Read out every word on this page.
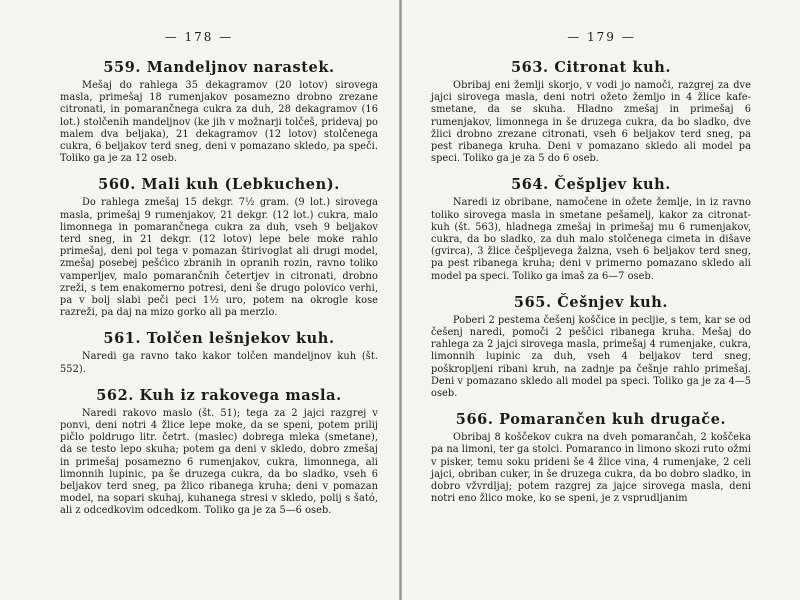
— 178 —
559. Mandeljnov narastek.

Mešaj do rahlega 35 dekagramov (20 lotov) sirovega masla, primešaj 18 rumenjakov posamezno drobno zrezane citronati, in pomarančnega cukra za duh, 28 dekagramov (16 lot.) stolčenih mandeljnov (ke jih v možnarji tolčeš, pridevaj po malem dva beljaka), 21 dekagramov (12 lotov) stolčenega cukra, 6 beljakov terd sneg, deni v pomazano skledo, pa speči. Toliko ga je za 12 oseb.

560. Mali kuh (Lebkuchen).

Do rahlega zmešaj 15 dekgr. 7½ gram. (9 lot.) sirovega masla, primešaj 9 rumenjakov, 21 dekgr. (12 lot.) cukra, malo limonnega in pomarančnega cukra za duh, vseh 9 beljakov terd sneg, in 21 dekgr. (12 lotov) lepe bele moke rahlo primešaj, deni pol tega v pomazan štirivoglat ali drugi model, zmešaj posebej pešćico zbranih in opranih rozin, ravno toliko vamperljev, malo pomarančnih četertjev in citronati, drobno zreži, s tem enakomerno potresi, deni še drugo polovico verhi, pa v bolj slabi peči peci 1½ uro, potem na okrogle kose razreži, pa daj na mizo gorko ali pa merzlo.

561. Tolčen lešnjekov kuh.

Naredi ga ravno tako kakor tolčen mandeljnov kuh (št. 552).

562. Kuh iz rakovega masla.

Naredi rakovo maslo (št. 51); tega za 2 jajci razgrej v ponvi, deni notri 4 žlice lepe moke, da se speni, potem prilij pičlo poldrugo litr. četrt. (maslec) dobrega mleka (smetane), da se testo lepo skuha; potem ga deni v skledo, dobro zmešaj in primešaj posamezno 6 rumenjakov, cukra, limonnega, ali limonnih lupinic, pa še druzega cukra, da bo sladko, vseh 6 beljakov terd sneg, pa žlico ribanega kruha; deni v pomazan model, na sopari skuhaj, kuhanega stresi v skledo, polij s šató, ali z odcedkovim odcedkom. Toliko ga je za 5—6 oseb.

— 179 —
563. Citronat kuh.

Obribaj eni žemlji skorjo, v vodi jo namoči, razgrej za dve jajci sirovega masla, deni notri ožeto žemljo in 4 žlice kafe-smetane, da se skuha. Hladno zmešaj in primešaj 6 rumenjakov, limonnega in še druzega cukra, da bo sladko, dve žlici drobno zrezane citronati, vseh 6 beljakov terd sneg, pa pest ribanega kruha. Deni v pomazano skledo ali model pa speci. Toliko ga je za 5 do 6 oseb.

564. Češpljev kuh.

Naredi iz obribane, namočene in ožete žemlje, in iz ravno toliko sirovega masla in smetane pešamelj, kakor za citronat-kuh (št. 563), hladnega zmešaj in primešaj mu 6 rumenjakov, cukra, da bo sladko, za duh malo stolčenega cimeta in dišave (gvirca), 3 žlice češpljevega žalzna, vseh 6 beljakov terd sneg, pa pest ribanega kruha; deni v primerno pomazano skledo ali model pa speci. Toliko ga imaš za 6—7 oseb.

565. Češnjev kuh.

Poberi 2 pestema češenj koščice in pecljie, s tem, kar se od češenj naredi, pomoči 2 peščici ribanega kruha. Mešaj do rahlega za 2 jajci sirovega masla, primešaj 4 rumenjake, cukra, limonnih lupinic za duh, vseh 4 beljakov terd sneg, poškropljeni ribani kruh, na zadnje pa češnje rahlo primešaj. Deni v pomazano skledo ali model pa speci. Toliko ga je za 4—5 oseb.

566. Pomarančen kuh drugače.

Obribaj 8 koščekov cukra na dveh pomarančah, 2 koščeka pa na limoni, ter ga stolci. Pomaranco in limono skozi ruto ožmi v pisker, temu soku prideni še 4 žlice vina, 4 rumenjake, 2 celi jajci, obriban cuker, in še druzega cukra, da bo dobro sladko, in dobro vžvrdljaj; potem razgrej za jajce sirovega masla, deni notri eno žlico moke, ko se speni, je z vsprudljanim
